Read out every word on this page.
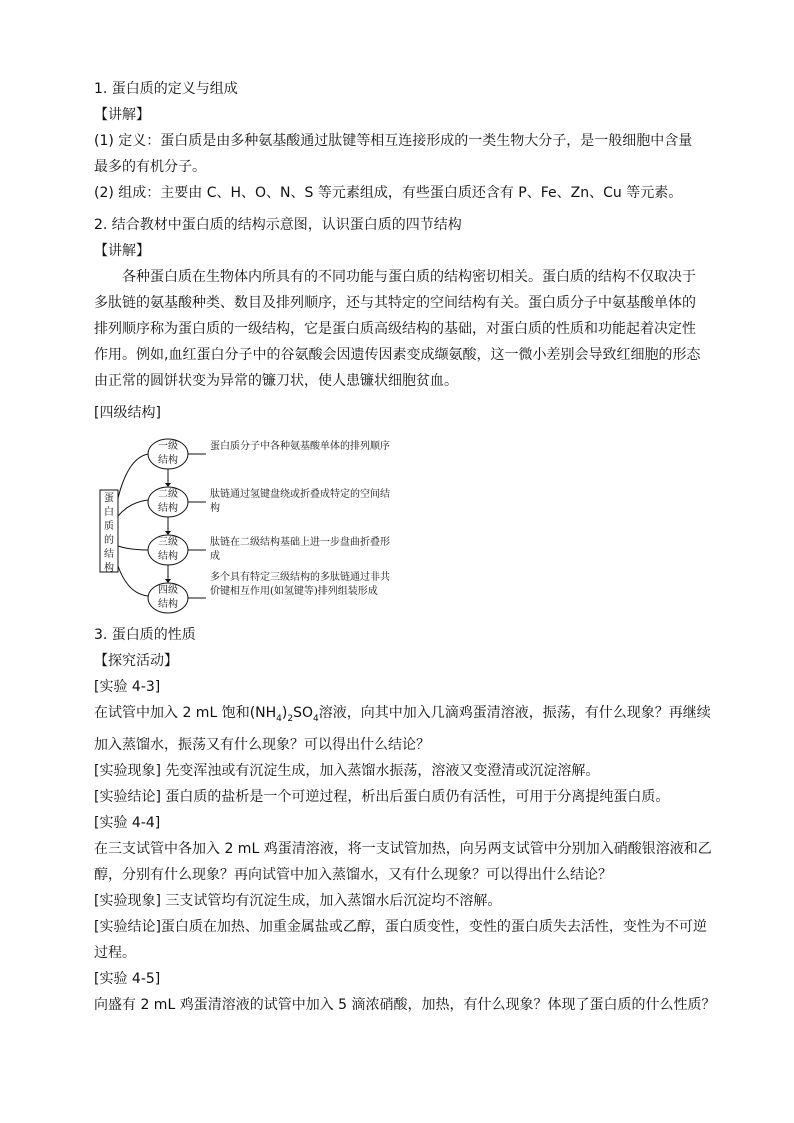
1. 蛋白质的定义与组成

【讲解】

(1) 定义：蛋白质是由多种氨基酸通过肽键等相互连接形成的一类生物大分子，是一般细胞中含量

最多的有机分子。

(2) 组成：主要由 C、H、O、N、S 等元素组成，有些蛋白质还含有 P、Fe、Zn、Cu 等元素。

2. 结合教材中蛋白质的结构示意图，认识蛋白质的四节结构

【讲解】

各种蛋白质在生物体内所具有的不同功能与蛋白质的结构密切相关。蛋白质的结构不仅取决于多肽链的氨基酸种类、数目及排列顺序，还与其特定的空间结构有关。蛋白质分子中氨基酸单体的排列顺序称为蛋白质的一级结构，它是蛋白质高级结构的基础，对蛋白质的性质和功能起着决定性作用。例如,血红蛋白分子中的谷氨酸会因遗传因素变成缬氨酸，这一微小差别会导致红细胞的形态由正常的圆饼状变为异常的镰刀状，使人患镰状细胞贫血。

[四级结构]

蛋
白
质
的
结
构
一级
结构
二级
结构
三级
结构
四级
结构
蛋白质分子中各种氨基酸单体的排列顺序
肽链通过氢键盘绕或折叠成特定的空间结构
肽链在二级结构基础上进一步盘曲折叠形成
多个具有特定三级结构的多肽链通过非共价键相互作用(如氢键等)排列组装形成

3. 蛋白质的性质

【探究活动】

[实验 4-3]

在试管中加入 2 mL 饱和$(NH_4)_2SO_4$溶液，向其中加入几滴鸡蛋清溶液，振荡，有什么现象？再继续

加入蒸馏水，振荡又有什么现象？可以得出什么结论？

[实验现象] 先变浑浊或有沉淀生成，加入蒸馏水振荡，溶液又变澄清或沉淀溶解。

[实验结论] 蛋白质的盐析是一个可逆过程，析出后蛋白质仍有活性，可用于分离提纯蛋白质。

[实验 4-4]

在三支试管中各加入 2 mL 鸡蛋清溶液，将一支试管加热，向另两支试管中分别加入硝酸银溶液和乙

醇，分别有什么现象？再向试管中加入蒸馏水，又有什么现象？可以得出什么结论？

[实验现象] 三支试管均有沉淀生成，加入蒸馏水后沉淀均不溶解。

[实验结论]蛋白质在加热、加重金属盐或乙醇，蛋白质变性，变性的蛋白质失去活性，变性为不可逆

过程。

[实验 4-5]

向盛有 2 mL 鸡蛋清溶液的试管中加入 5 滴浓硝酸，加热，有什么现象？体现了蛋白质的什么性质？
